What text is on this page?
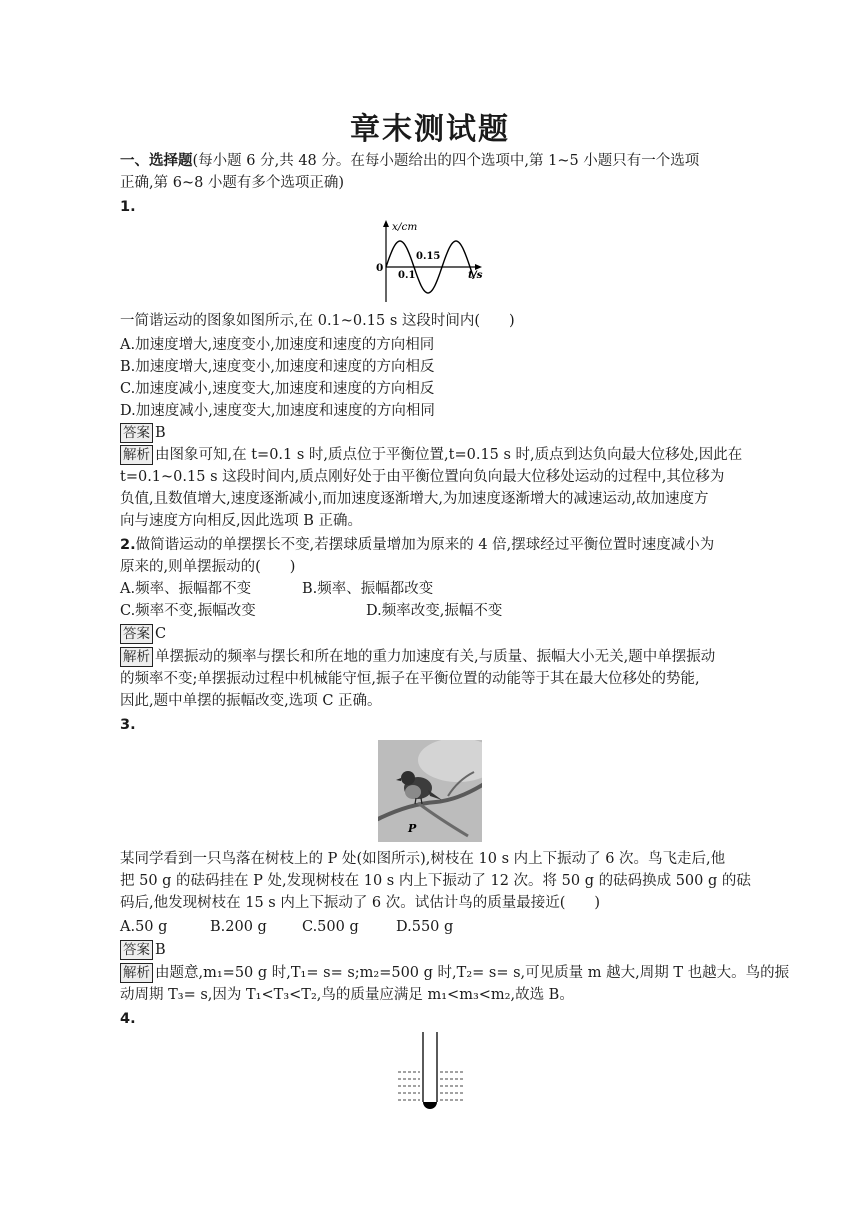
章末测试题
一、选择题(每小题 6 分,共 48 分。在每小题给出的四个选项中,第 1~5 小题只有一个选项
正确,第 6~8 小题有多个选项正确)
1.
x/cm
t/s
0
0.1
0.15
一简谐运动的图象如图所示,在 0.1~0.15 s 这段时间内(　　)
A.加速度增大,速度变小,加速度和速度的方向相同
B.加速度增大,速度变小,加速度和速度的方向相反
C.加速度减小,速度变大,加速度和速度的方向相反
D.加速度减小,速度变大,加速度和速度的方向相同
答案 B
解析 由图象可知,在 t=0.1 s 时,质点位于平衡位置,t=0.15 s 时,质点到达负向最大位移处,因此在
t=0.1~0.15 s 这段时间内,质点刚好处于由平衡位置向负向最大位移处运动的过程中,其位移为
负值,且数值增大,速度逐渐减小,而加速度逐渐增大,为加速度逐渐增大的减速运动,故加速度方
向与速度方向相反,因此选项 B 正确。
2.做简谐运动的单摆摆长不变,若摆球质量增加为原来的 4 倍,摆球经过平衡位置时速度减小为
原来的,则单摆振动的(　　)
A.频率、振幅都不变	B.频率、振幅都改变
C.频率不变,振幅改变	D.频率改变,振幅不变
答案 C
解析 单摆振动的频率与摆长和所在地的重力加速度有关,与质量、振幅大小无关,题中单摆振动
的频率不变;单摆振动过程中机械能守恒,振子在平衡位置的动能等于其在最大位移处的势能,
因此,题中单摆的振幅改变,选项 C 正确。
3.
P
某同学看到一只鸟落在树枝上的 P 处(如图所示),树枝在 10 s 内上下振动了 6 次。鸟飞走后,他
把 50 g 的砝码挂在 P 处,发现树枝在 10 s 内上下振动了 12 次。将 50 g 的砝码换成 500 g 的砝
码后,他发现树枝在 15 s 内上下振动了 6 次。试估计鸟的质量最接近(　　)
A.50 g	B.200 g C.500 g	D.550 g
答案 B
解析 由题意,m₁=50 g 时,T₁= s= s;m₂=500 g 时,T₂= s= s,可见质量 m 越大,周期 T 也越大。鸟的振
动周期 T₃= s,因为 T₁<T₃<T₂,鸟的质量应满足 m₁<m₃<m₂,故选 B。
4.
